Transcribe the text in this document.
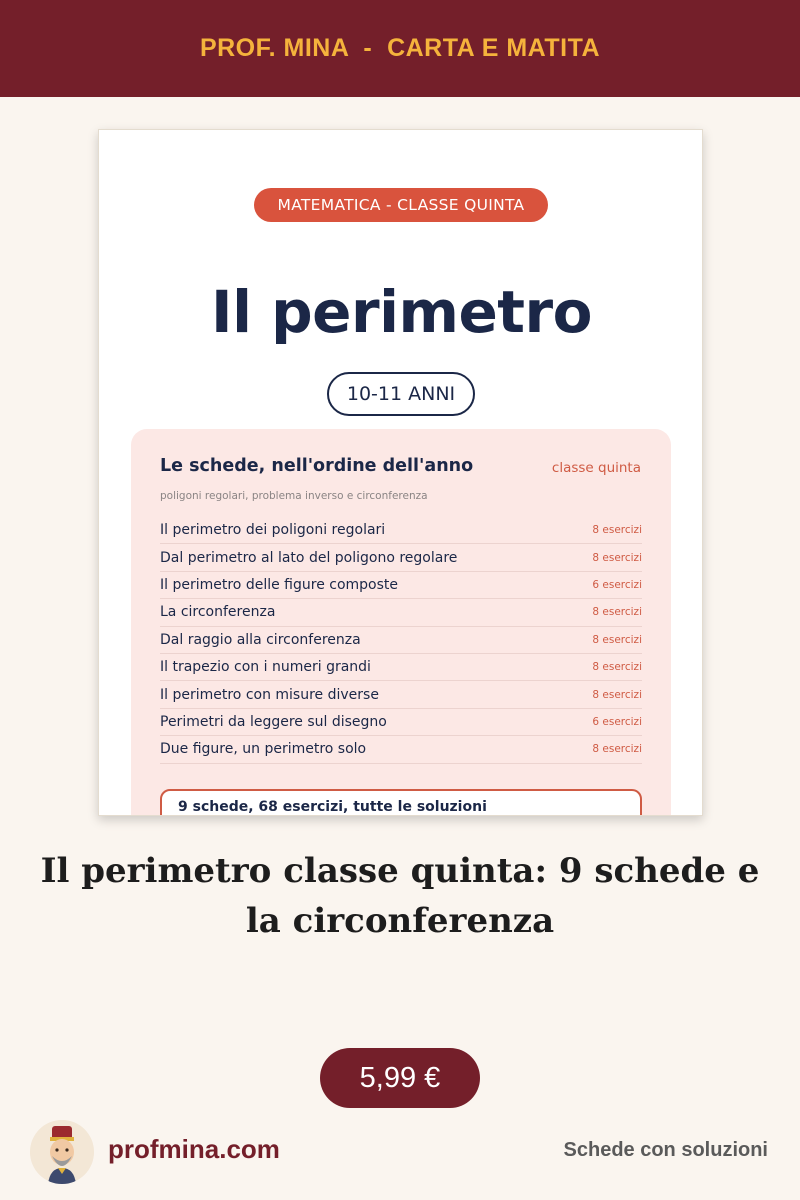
PROF. MINA  -  CARTA E MATITA
MATEMATICA - CLASSE QUINTA
Il perimetro
10-11 ANNI
Le schede, nell'ordine dell'anno	classe quinta
poligoni regolari, problema inverso e circonferenza
Il perimetro dei poligoni regolari	8 esercizi
Dal perimetro al lato del poligono regolare	8 esercizi
Il perimetro delle figure composte	6 esercizi
La circonferenza	8 esercizi
Dal raggio alla circonferenza	8 esercizi
Il trapezio con i numeri grandi	8 esercizi
Il perimetro con misure diverse	8 esercizi
Perimetri da leggere sul disegno	6 esercizi
Due figure, un perimetro solo	8 esercizi
9 schede, 68 esercizi, tutte le soluzioni
Il perimetro classe quinta: 9 schede e la circonferenza
5,99 €
profmina.com	Schede con soluzioni
